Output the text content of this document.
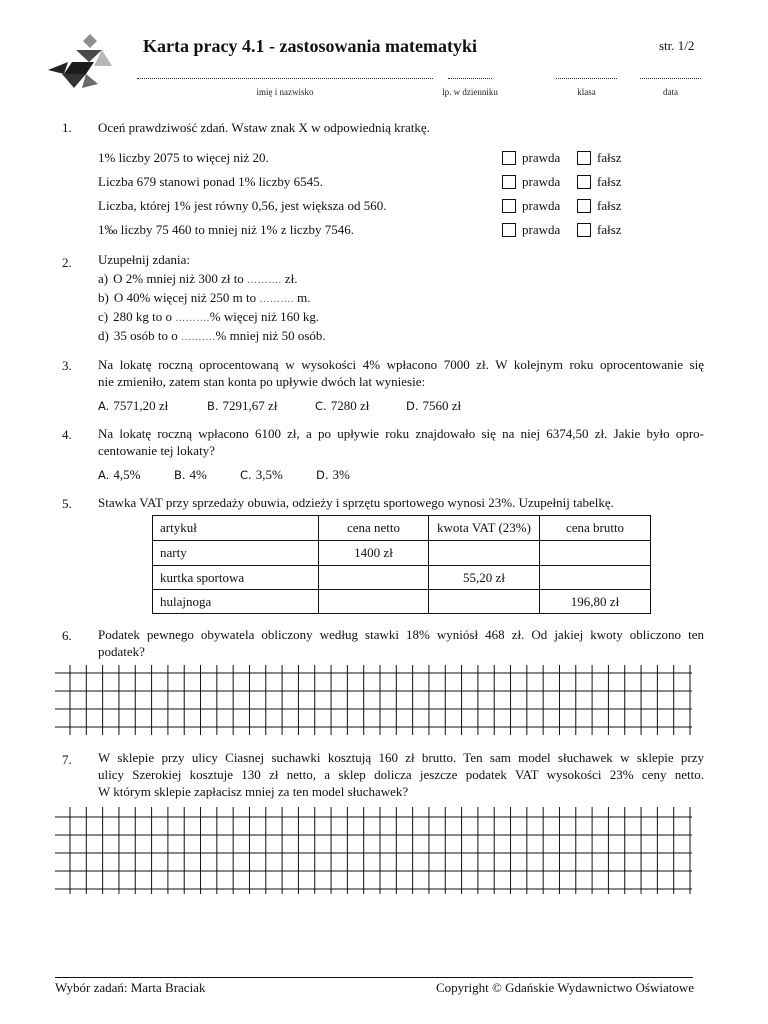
Karta pracy 4.1 - zastosowania matematyki	str. 1/2
imię i nazwisko	lp. w dzienniku	klasa	data
1. Oceń prawdziwość zdań. Wstaw znak X w odpowiednią kratkę.
1% liczby 2075 to więcej niż 20.	prawda	fałsz
Liczba 679 stanowi ponad 1% liczby 6545.	prawda	fałsz
Liczba, której 1% jest równy 0,56, jest większa od 560.	prawda	fałsz
1‰ liczby 75 460 to mniej niż 1% z liczby 7546.	prawda	fałsz
2. Uzupełnij zdania:
a) O 2% mniej niż 300 zł to ………. zł.
b) O 40% więcej niż 250 m to ………. m.
c) 280 kg to o ……….% więcej niż 160 kg.
d) 35 osób to o ……….% mniej niż 50 osób.
3. Na lokatę roczną oprocentowaną w wysokości 4% wpłacono 7000 zł. W kolejnym roku oprocentowanie się
nie zmieniło, zatem stan konta po upływie dwóch lat wyniesie:
A. 7571,20 zł	B. 7291,67 zł	C. 7280 zł	D. 7560 zł
4. Na lokatę roczną wpłacono 6100 zł, a po upływie roku znajdowało się na niej 6374,50 zł. Jakie było opro-
centowanie tej lokaty?
A. 4,5%	B. 4%	C. 3,5%	D. 3%
5. Stawka VAT przy sprzedaży obuwia, odzieży i sprzętu sportowego wynosi 23%. Uzupełnij tabelkę.
artykuł	cena netto	kwota VAT (23%)	cena brutto
narty	1400 zł		
kurtka sportowa		55,20 zł	
hulajnoga			196,80 zł
6. Podatek pewnego obywatela obliczony według stawki 18% wyniósł 468 zł. Od jakiej kwoty obliczono ten
podatek?
7. W sklepie przy ulicy Ciasnej suchawki kosztują 160 zł brutto. Ten sam model słuchawek w sklepie przy
ulicy Szerokiej kosztuje 130 zł netto, a sklep dolicza jeszcze podatek VAT wysokości 23% ceny netto.
W którym sklepie zapłacisz mniej za ten model słuchawek?
Wybór zadań: Marta Braciak	Copyright © Gdańskie Wydawnictwo Oświatowe
